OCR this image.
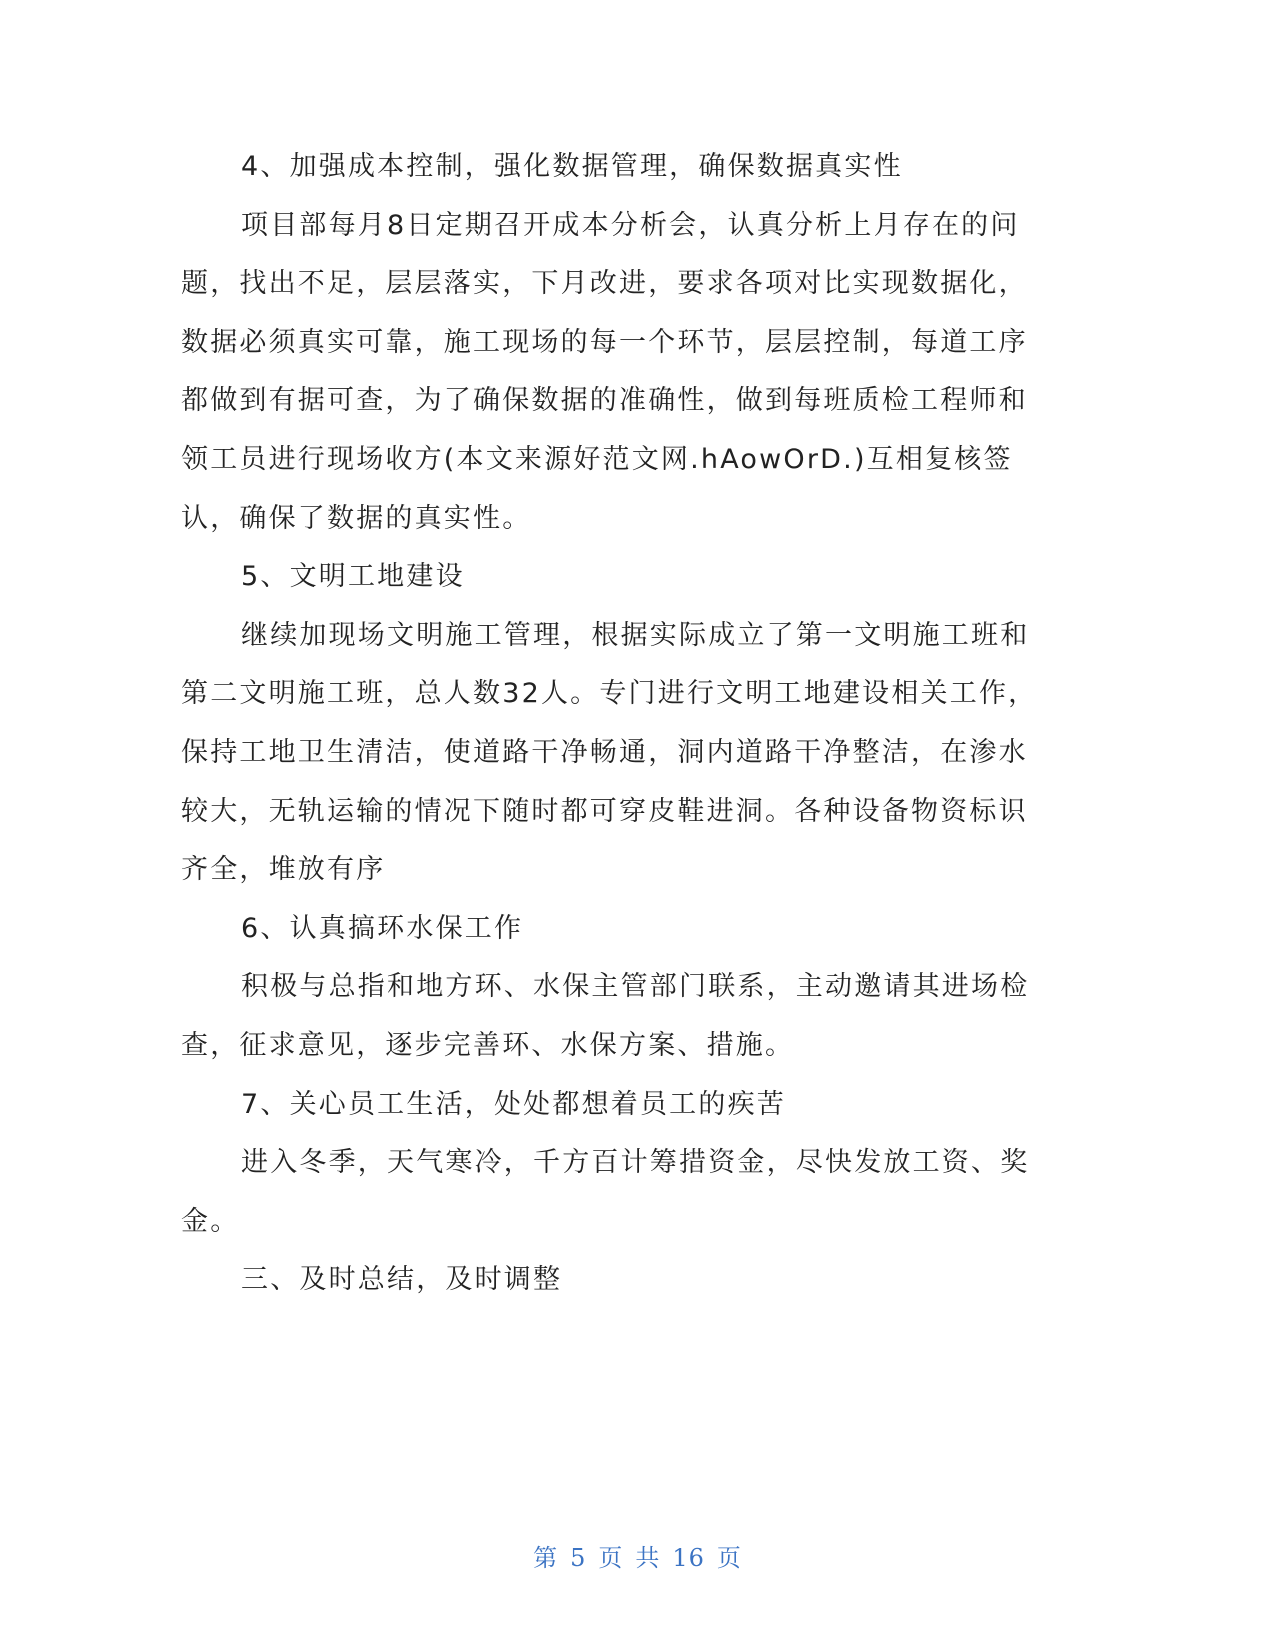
4、加强成本控制，强化数据管理，确保数据真实性

项目部每月8日定期召开成本分析会，认真分析上月存在的问题，找出不足，层层落实，下月改进，要求各项对比实现数据化，数据必须真实可靠，施工现场的每一个环节，层层控制，每道工序都做到有据可查，为了确保数据的准确性，做到每班质检工程师和领工员进行现场收方(本文来源好范文网.hAowOrD.)互相复核签认，确保了数据的真实性。

5、文明工地建设

继续加现场文明施工管理，根据实际成立了第一文明施工班和第二文明施工班，总人数32人。专门进行文明工地建设相关工作，保持工地卫生清洁，使道路干净畅通，洞内道路干净整洁，在渗水较大，无轨运输的情况下随时都可穿皮鞋进洞。各种设备物资标识齐全，堆放有序

6、认真搞环水保工作

积极与总指和地方环、水保主管部门联系，主动邀请其进场检查，征求意见，逐步完善环、水保方案、措施。

7、关心员工生活，处处都想着员工的疾苦

进入冬季，天气寒冷，千方百计筹措资金，尽快发放工资、奖金。

三、及时总结，及时调整

第 5 页 共 16 页
